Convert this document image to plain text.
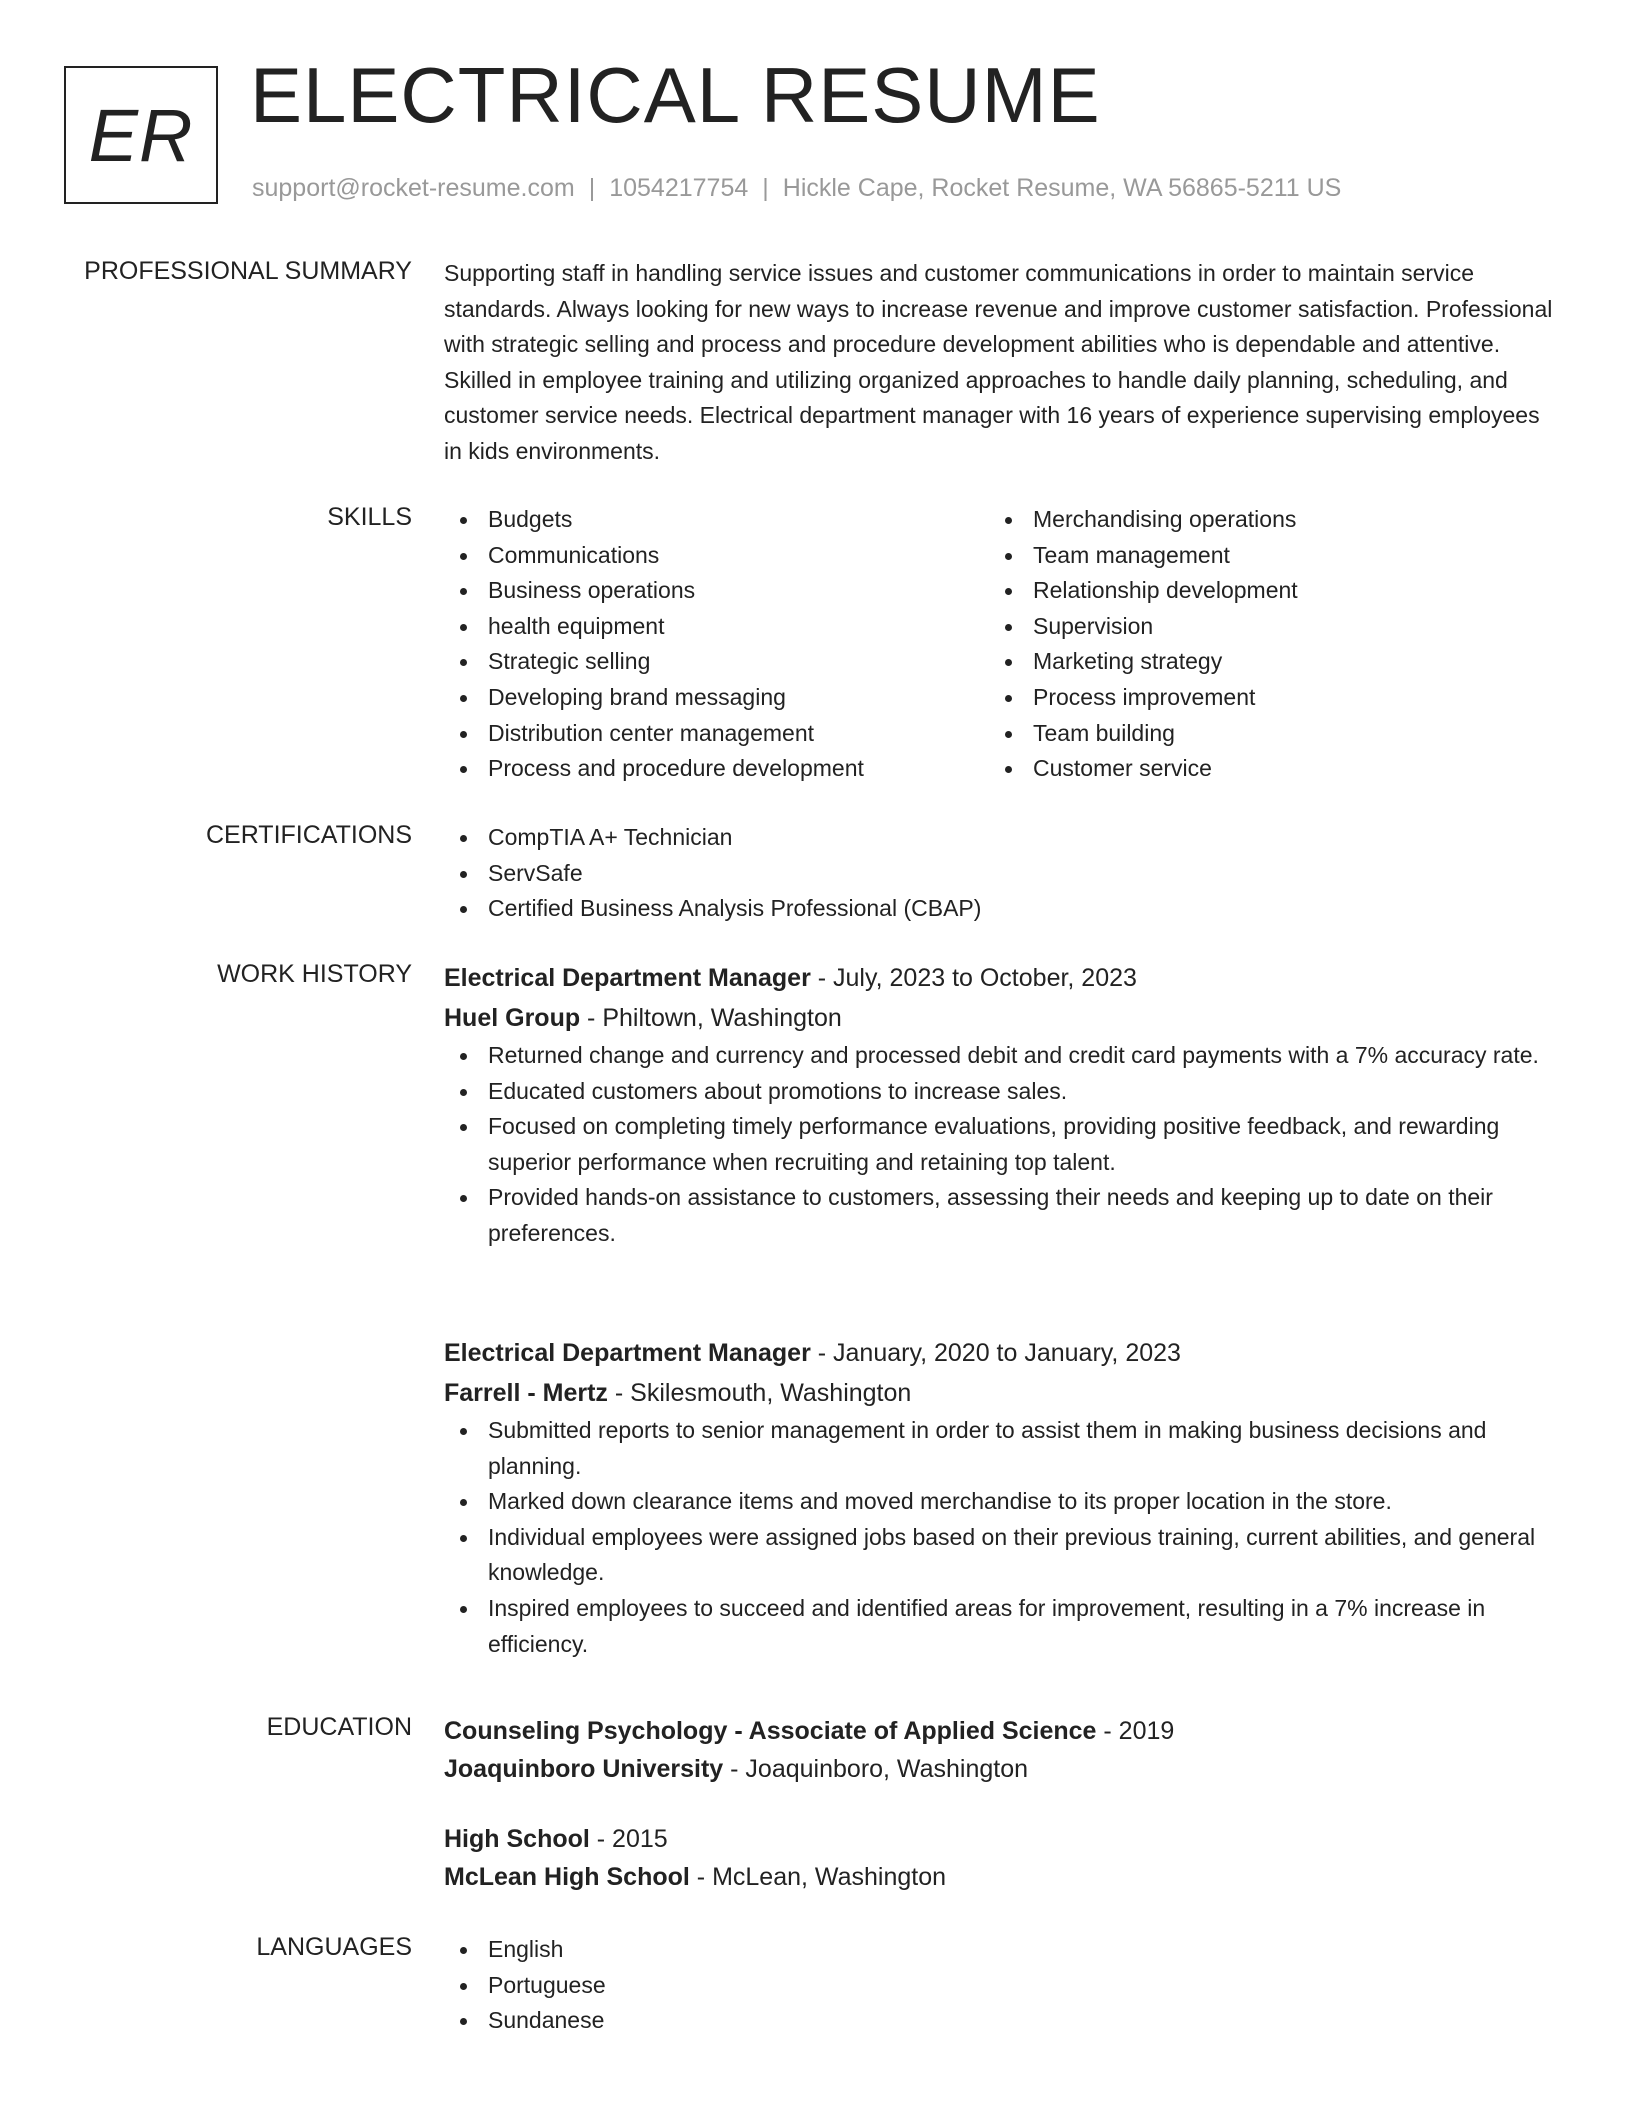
ER ELECTRICAL RESUME
support@rocket-resume.com | 1054217754 | Hickle Cape, Rocket Resume, WA 56865-5211 US
PROFESSIONAL SUMMARY Supporting staff in handling service issues and customer communications in order to maintain service standards. Always looking for new ways to increase revenue and improve customer satisfaction. Professional with strategic selling and process and procedure development abilities who is dependable and attentive. Skilled in employee training and utilizing organized approaches to handle daily planning, scheduling, and customer service needs. Electrical department manager with 16 years of experience supervising employees in kids environments.
SKILLS	Budgets
Communications
Business operations
health equipment
Strategic selling
Developing brand messaging
Distribution center management
Process and procedure development
Merchandising operations
Team management
Relationship development
Supervision
Marketing strategy
Process improvement
Team building
Customer service
CERTIFICATIONS	CompTIA A+ Technician
ServSafe
Certified Business Analysis Professional (CBAP)
WORK HISTORY Electrical Department Manager - July, 2023 to October, 2023
Huel Group - Philtown, Washington
Returned change and currency and processed debit and credit card payments with a 7% accuracy rate.
Educated customers about promotions to increase sales.
Focused on completing timely performance evaluations, providing positive feedback, and rewarding superior performance when recruiting and retaining top talent.
Provided hands-on assistance to customers, assessing their needs and keeping up to date on their preferences.
Electrical Department Manager - January, 2020 to January, 2023
Farrell - Mertz - Skilesmouth, Washington
Submitted reports to senior management in order to assist them in making business decisions and planning.
Marked down clearance items and moved merchandise to its proper location in the store.
Individual employees were assigned jobs based on their previous training, current abilities, and general knowledge.
Inspired employees to succeed and identified areas for improvement, resulting in a 7% increase in efficiency.
EDUCATION Counseling Psychology - Associate of Applied Science - 2019
Joaquinboro University - Joaquinboro, Washington
High School - 2015
McLean High School - McLean, Washington
LANGUAGES	English
Portuguese
Sundanese
